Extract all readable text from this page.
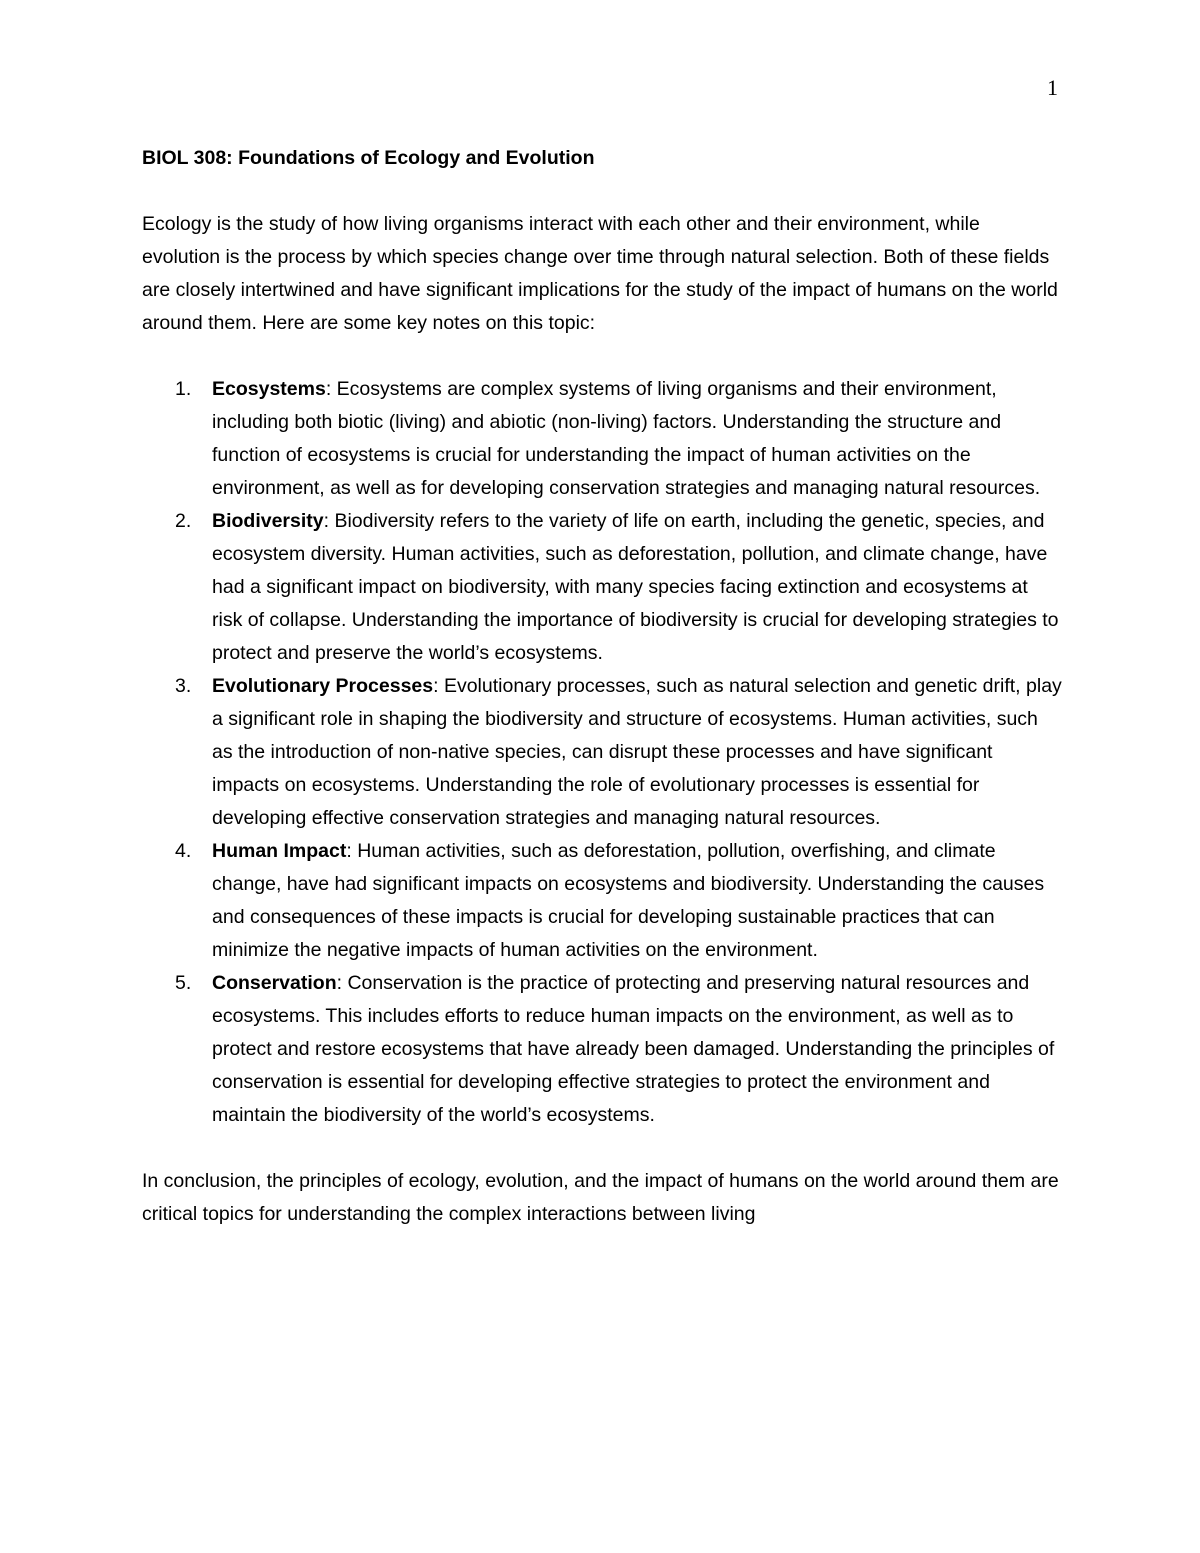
1

BIOL 308: Foundations of Ecology and Evolution

Ecology is the study of how living organisms interact with each other and their environment, while evolution is the process by which species change over time through natural selection. Both of these fields are closely intertwined and have significant implications for the study of the impact of humans on the world around them. Here are some key notes on this topic:

1. Ecosystems: Ecosystems are complex systems of living organisms and their environment, including both biotic (living) and abiotic (non-living) factors. Understanding the structure and function of ecosystems is crucial for understanding the impact of human activities on the environment, as well as for developing conservation strategies and managing natural resources.
2. Biodiversity: Biodiversity refers to the variety of life on earth, including the genetic, species, and ecosystem diversity. Human activities, such as deforestation, pollution, and climate change, have had a significant impact on biodiversity, with many species facing extinction and ecosystems at risk of collapse. Understanding the importance of biodiversity is crucial for developing strategies to protect and preserve the world’s ecosystems.
3. Evolutionary Processes: Evolutionary processes, such as natural selection and genetic drift, play a significant role in shaping the biodiversity and structure of ecosystems. Human activities, such as the introduction of non-native species, can disrupt these processes and have significant impacts on ecosystems. Understanding the role of evolutionary processes is essential for developing effective conservation strategies and managing natural resources.
4. Human Impact: Human activities, such as deforestation, pollution, overfishing, and climate change, have had significant impacts on ecosystems and biodiversity. Understanding the causes and consequences of these impacts is crucial for developing sustainable practices that can minimize the negative impacts of human activities on the environment.
5. Conservation: Conservation is the practice of protecting and preserving natural resources and ecosystems. This includes efforts to reduce human impacts on the environment, as well as to protect and restore ecosystems that have already been damaged. Understanding the principles of conservation is essential for developing effective strategies to protect the environment and maintain the biodiversity of the world’s ecosystems.

In conclusion, the principles of ecology, evolution, and the impact of humans on the world around them are critical topics for understanding the complex interactions between living
